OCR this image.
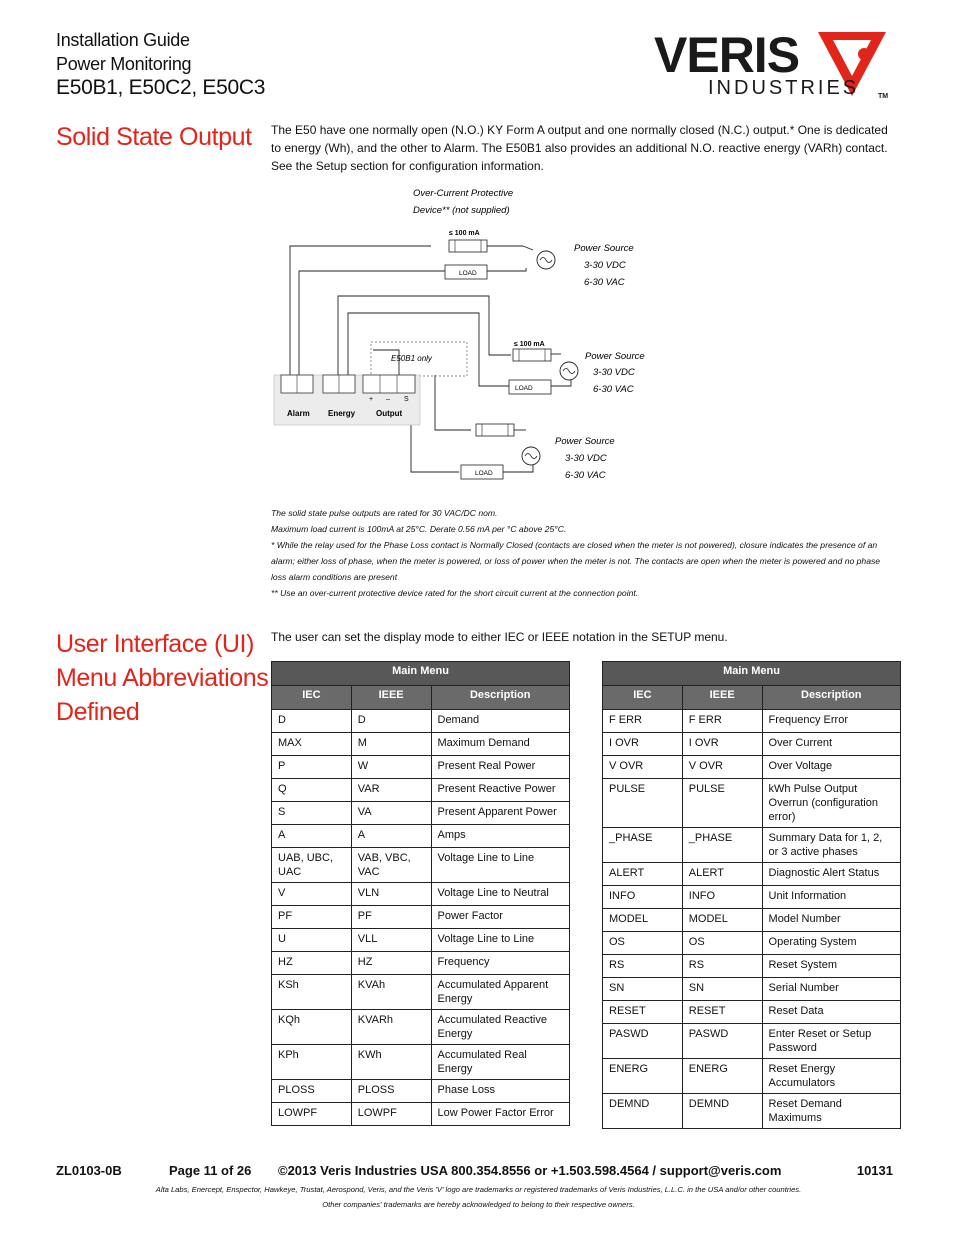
Installation Guide
Power Monitoring
E50B1, E50C2, E50C3
VERIS
INDUSTRIES	TM
Solid State Output The E50 have one normally open (N.O.) KY Form A output and one normally closed (N.C.) output.* One is dedicated to energy (Wh), and the other to Alarm. The E50B1 also provides an additional N.O. reactive energy (VARh) contact. See the Setup section for configuration information.
E50B1 only
Over-Current Protective
Device** (not supplied)
≤ 100 mA
LOAD
Power Source
3-30 VDC
6-30 VAC
≤ 100 mA
LOAD
Power Source
3-30 VDC
6-30 VAC
LOAD
Power Source
3-30 VDC
6-30 VAC
+ – S
Alarm Energy	Output
The solid state pulse outputs are rated for 30 VAC/DC nom.
Maximum load current is 100mA at 25°C. Derate 0.56 mA per °C above 25°C.
* While the relay used for the Phase Loss contact is Normally Closed (contacts are closed when the meter is not powered), closure indicates the presence of an
alarm; either loss of phase, when the meter is powered, or loss of power when the meter is not. The contacts are open when the meter is powered and no phase
loss alarm conditions are present
** Use an over-current protective device rated for the short circuit current at the connection point.
User Interface (UI)
Menu Abbreviations
Defined
The user can set the display mode to either IEC or IEEE notation in the SETUP menu.
Main Menu		
IEC	IEEE	Description
D	D	Demand
MAX	M	Maximum Demand
P	W	Present Real Power
Q	VAR	Present Reactive Power
S	VA	Present Apparent Power
A	A	Amps
UAB, UBC, UAC	VAB, VBC, VAC	Voltage Line to Line
V	VLN	Voltage Line to Neutral
PF	PF	Power Factor
U	VLL	Voltage Line to Line
HZ	HZ	Frequency
KSh	KVAh	Accumulated Apparent Energy
KQh	KVARh	Accumulated Reactive Energy
KPh	KWh	Accumulated Real Energy
PLOSS	PLOSS	Phase Loss
LOWPF	LOWPF	Low Power Factor Error
Main Menu		
IEC	IEEE	Description
F ERR	F ERR	Frequency Error
I OVR	I OVR	Over Current
V OVR	V OVR	Over Voltage
PULSE	PULSE	kWh Pulse Output Overrun (configuration error)
_PHASE	_PHASE	Summary Data for 1, 2, or 3 active phases
ALERT	ALERT	Diagnostic Alert Status
INFO	INFO	Unit Information
MODEL	MODEL	Model Number
OS	OS	Operating System
RS	RS	Reset System
SN	SN	Serial Number
RESET	RESET	Reset Data
PASWD	PASWD	Enter Reset or Setup Password
ENERG	ENERG	Reset Energy Accumulators
DEMND	DEMND	Reset Demand Maximums
ZL0103-0B	Page 11 of 26 ©2013 Veris Industries USA 800.354.8556 or +1.503.598.4564 / support@veris.com	10131
Alta Labs, Enercept, Enspector, Hawkeye, Trustat, Aerospond, Veris, and the Veris 'V' logo are trademarks or registered trademarks of Veris Industries, L.L.C. in the USA and/or other countries.
Other companies' trademarks are hereby acknowledged to belong to their respective owners.
